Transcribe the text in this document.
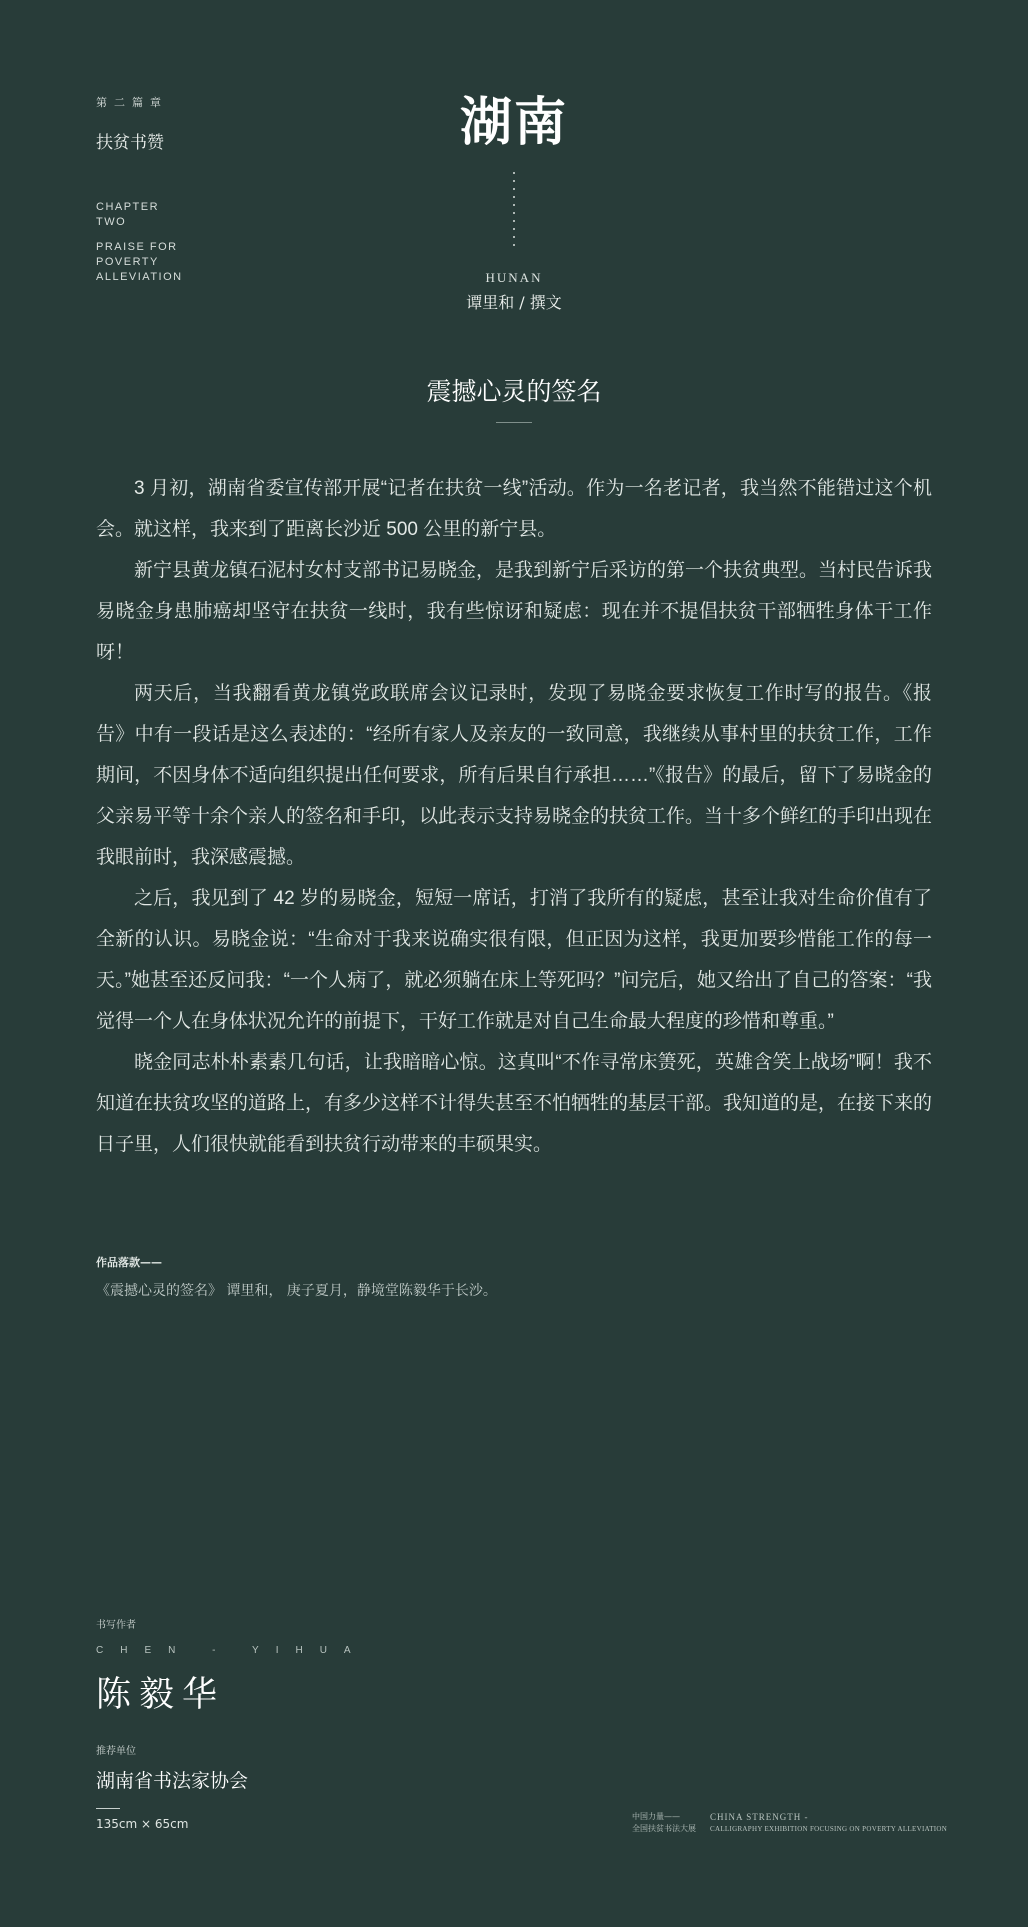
第二篇章
扶贫书赞
CHAPTER
TWO
PRAISE FOR
POVERTY
ALLEVIATION
湖南
HUNAN
谭里和 / 撰文
震撼心灵的签名

3 月初，湖南省委宣传部开展“记者在扶贫一线”活动。作为一名老记者，我当然不能错过这个机会。就这样，我来到了距离长沙近 500 公里的新宁县。

新宁县黄龙镇石泥村女村支部书记易晓金，是我到新宁后采访的第一个扶贫典型。当村民告诉我易晓金身患肺癌却坚守在扶贫一线时，我有些惊讶和疑虑：现在并不提倡扶贫干部牺牲身体干工作呀！

两天后，当我翻看黄龙镇党政联席会议记录时，发现了易晓金要求恢复工作时写的报告。《报告》中有一段话是这么表述的：“经所有家人及亲友的一致同意，我继续从事村里的扶贫工作，工作期间，不因身体不适向组织提出任何要求，所有后果自行承担……”《报告》的最后，留下了易晓金的父亲易平等十余个亲人的签名和手印，以此表示支持易晓金的扶贫工作。当十多个鲜红的手印出现在我眼前时，我深感震撼。

之后，我见到了 42 岁的易晓金，短短一席话，打消了我所有的疑虑，甚至让我对生命价值有了全新的认识。易晓金说：“生命对于我来说确实很有限，但正因为这样，我更加要珍惜能工作的每一天。”她甚至还反问我：“一个人病了，就必须躺在床上等死吗？”问完后，她又给出了自己的答案：“我觉得一个人在身体状况允许的前提下，干好工作就是对自己生命最大程度的珍惜和尊重。”

晓金同志朴朴素素几句话，让我暗暗心惊。这真叫“不作寻常床箦死，英雄含笑上战场”啊！我不知道在扶贫攻坚的道路上，有多少这样不计得失甚至不怕牺牲的基层干部。我知道的是，在接下来的日子里，人们很快就能看到扶贫行动带来的丰硕果实。

作品落款——
《震撼心灵的签名》 谭里和， 庚子夏月，静境堂陈毅华于长沙。
书写作者
CHEN - YIHUA
陈毅华
推荐单位
湖南省书法家协会
135cm × 65cm
中国力量——
全国扶贫书法大展
CHINA STRENGTH -
CALLIGRAPHY EXHIBITION FOCUSING ON POVERTY ALLEVIATION
